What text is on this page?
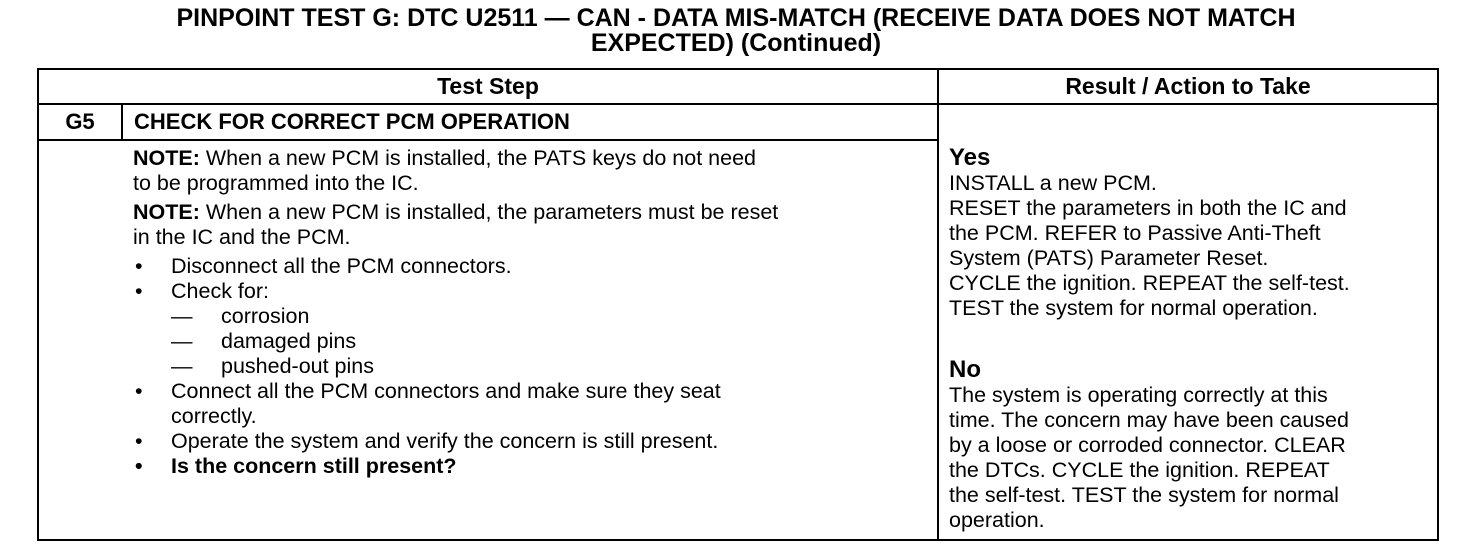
PINPOINT TEST G: DTC U2511 — CAN - DATA MIS-MATCH (RECEIVE DATA DOES NOT MATCH
EXPECTED) (Continued)
Test Step	Result / Action to Take
G5	CHECK FOR CORRECT PCM OPERATION

NOTE: When a new PCM is installed, the PATS keys do not need
to be programmed into the IC.

NOTE: When a new PCM is installed, the parameters must be reset
in the IC and the PCM.

• Disconnect all the PCM connectors.
• Check for:
— corrosion
— damaged pins
— pushed-out pins
• Connect all the PCM connectors and make sure they seat
correctly.
• Operate the system and verify the concern is still present.
• Is the concern still present?
Yes
INSTALL a new PCM.
RESET the parameters in both the IC and
the PCM. REFER to Passive Anti-Theft
System (PATS) Parameter Reset.
CYCLE the ignition. REPEAT the self-test.
TEST the system for normal operation.
No
The system is operating correctly at this
time. The concern may have been caused
by a loose or corroded connector. CLEAR
the DTCs. CYCLE the ignition. REPEAT
the self-test. TEST the system for normal
operation.
